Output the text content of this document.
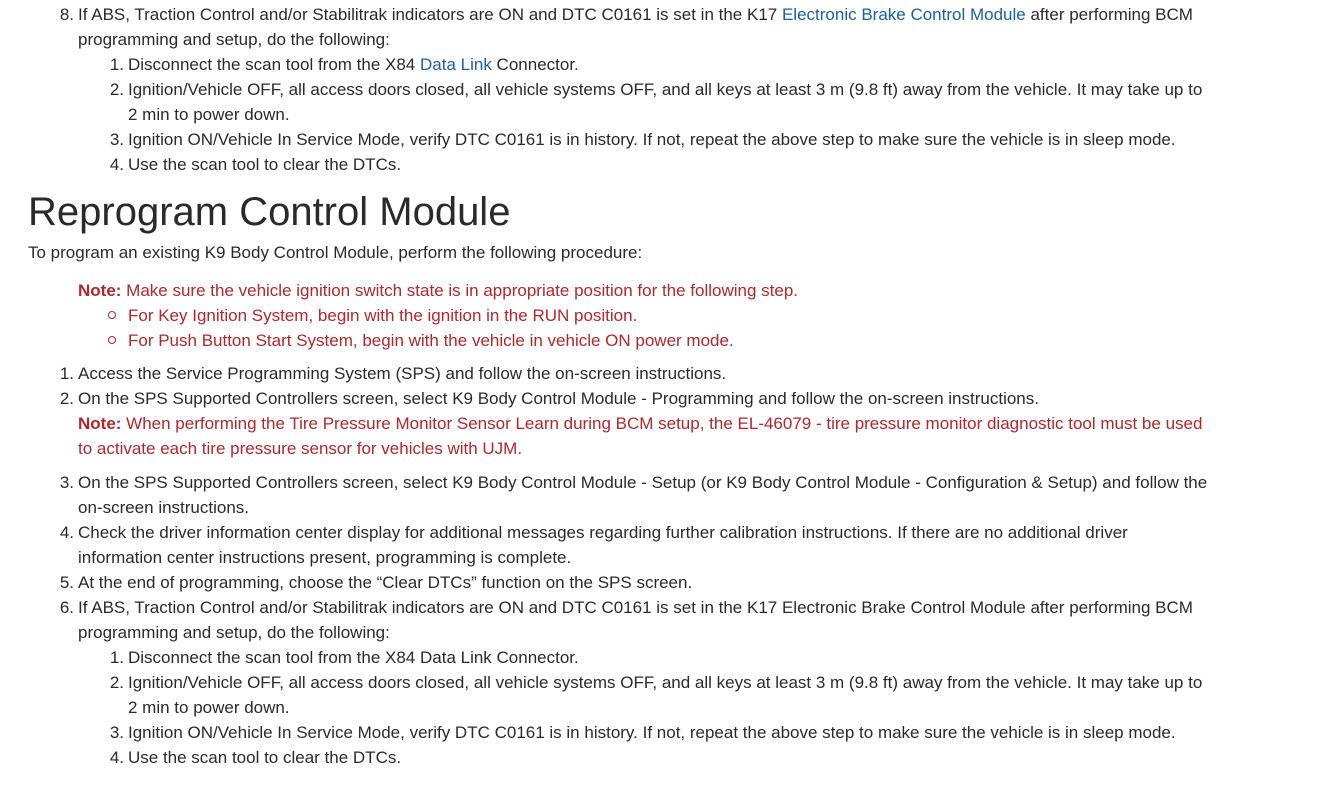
8. If ABS, Traction Control and/or Stabilitrak indicators are ON and DTC C0161 is set in the K17 Electronic Brake Control Module after performing BCM
programming and setup, do the following:
1. Disconnect the scan tool from the X84 Data Link Connector.
2. Ignition/Vehicle OFF, all access doors closed, all vehicle systems OFF, and all keys at least 3 m (9.8 ft) away from the vehicle. It may take up to
2 min to power down.
3. Ignition ON/Vehicle In Service Mode, verify DTC C0161 is in history. If not, repeat the above step to make sure the vehicle is in sleep mode.
4. Use the scan tool to clear the DTCs.
Reprogram Control Module
To program an existing K9 Body Control Module, perform the following procedure:
Note: Make sure the vehicle ignition switch state is in appropriate position for the following step.
For Key Ignition System, begin with the ignition in the RUN position.
For Push Button Start System, begin with the vehicle in vehicle ON power mode.
1. Access the Service Programming System (SPS) and follow the on-screen instructions.
2. On the SPS Supported Controllers screen, select K9 Body Control Module - Programming and follow the on-screen instructions.
Note: When performing the Tire Pressure Monitor Sensor Learn during BCM setup, the EL-46079 - tire pressure monitor diagnostic tool must be used
to activate each tire pressure sensor for vehicles with UJM.
3. On the SPS Supported Controllers screen, select K9 Body Control Module - Setup (or K9 Body Control Module - Configuration & Setup) and follow the
on-screen instructions.
4. Check the driver information center display for additional messages regarding further calibration instructions. If there are no additional driver
information center instructions present, programming is complete.
5. At the end of programming, choose the “Clear DTCs” function on the SPS screen.
6. If ABS, Traction Control and/or Stabilitrak indicators are ON and DTC C0161 is set in the K17 Electronic Brake Control Module after performing BCM
programming and setup, do the following:
1. Disconnect the scan tool from the X84 Data Link Connector.
2. Ignition/Vehicle OFF, all access doors closed, all vehicle systems OFF, and all keys at least 3 m (9.8 ft) away from the vehicle. It may take up to
2 min to power down.
3. Ignition ON/Vehicle In Service Mode, verify DTC C0161 is in history. If not, repeat the above step to make sure the vehicle is in sleep mode.
4. Use the scan tool to clear the DTCs.
